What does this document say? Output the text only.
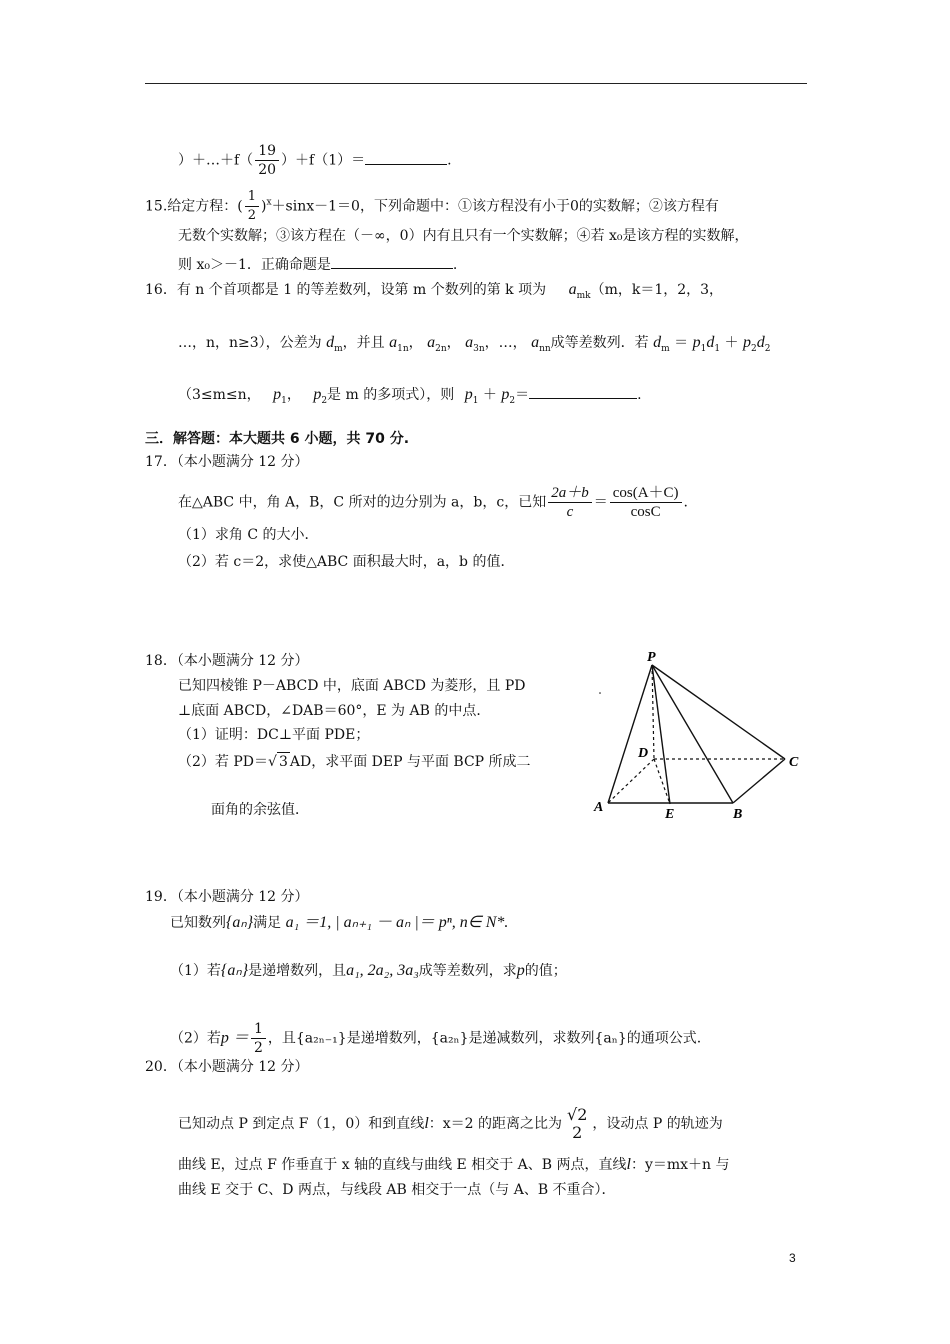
）＋…＋f（ $\frac{19}{20} )+f(1)=$	.
15.给定方程：( $\frac{1}{2} )^x+\sin x-1=0$，下列命题中：①该方程没有小于0的实数解；②该方程有
无数个实数解；③该方程在（－∞，0）内有且只有一个实数解；④若 x₀是该方程的实数解，
则 x₀＞－1．正确命题是	.
16．有 n 个首项都是 1 的等差数列，设第 m 个数列的第 k 项为 $a_{mk}(m$，k＝1，2，3，
…，n，n≥3），公差为 $d_m$，并且 $a_{1n}$， $a_{2n}$， $a_{3n}$，…， $a_{nn}$成等差数列．若 $d_m = p_1d_1 + p_2d_2$
（3≤m≤n， $p_1$， $p_2$是 m 的多项式），则 $p_1 + p_2=$	.
三．解答题：本大题共 6 小题，共 70 分.
17．（本小题满分 12 分）
在△ABC 中，角 A，B，C 所对的边分别为 a，b，c，已知 $\frac{2a+b}{c} = \frac{\cos(A+C)}{\cos C}$ .
（1）求角 C 的大小．
（2）若 c＝2，求使△ABC 面积最大时，a，b 的值．
18．（本小题满分 12 分）
已知四棱锥 P－ABCD 中，底面 ABCD 为菱形，且 PD
⊥底面 ABCD，∠DAB＝60°，E 为 AB 的中点．
（1）证明：DC⊥平面 PDE；
（2）若 PD＝√ 3 AD，求平面 DEP 与平面 BCP 所成二
面角的余弦值．
P
D
C
A	E	B
19．（本小题满分 12 分）
已知数列{aₙ}满足 a₁ ＝1, | aₙ₊₁ － aₙ |＝ pⁿ, n∈ N*.
（1）若{aₙ}是递增数列，且a₁, 2a₂, 3a₃成等差数列，求p的值；
（2）若$p = \frac{1}{2}$ ，且{a₂ₙ₋₁}是递增数列，{a₂ₙ}是递减数列，求数列{aₙ}的通项公式.
20．（本小题满分 12 分）
已知动点 P 到定点 F（1，0）和到直线l：x＝2 的距离之比为 √2
2 ，设动点 P 的轨迹为
曲线 E，过点 F 作垂直于 x 轴的直线与曲线 E 相交于 A、B 两点，直线l：y＝mx＋n 与
曲线 E 交于 C、D 两点，与线段 AB 相交于一点（与 A、B 不重合）．
3
